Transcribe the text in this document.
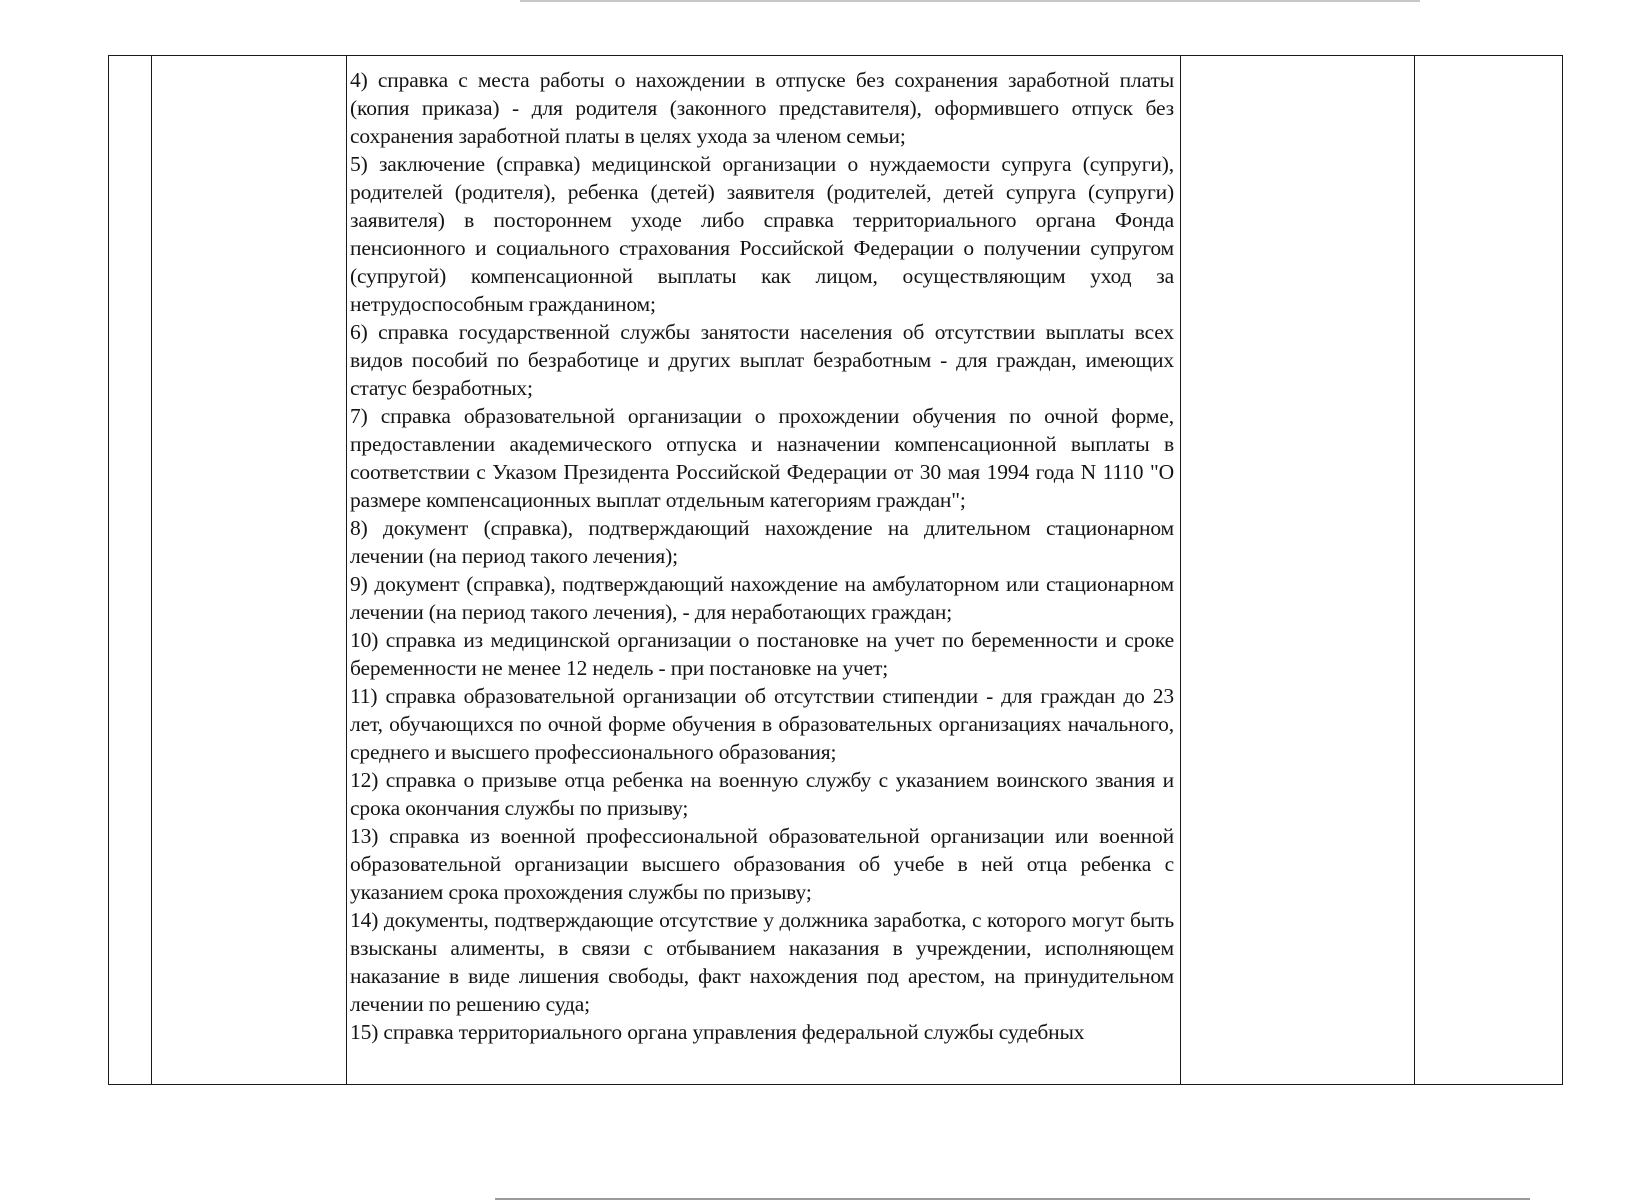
4) справка с места работы о нахождении в отпуске без сохранения заработной платы (копия приказа) - для родителя (законного представителя), оформившего отпуск без сохранения заработной платы в целях ухода за членом семьи;

5) заключение (справка) медицинской организации о нуждаемости супруга (супруги), родителей (родителя), ребенка (детей) заявителя (родителей, детей супруга (супруги) заявителя) в постороннем уходе либо справка территориального органа Фонда пенсионного и социального страхования Российской Федерации о получении супругом (супругой) компенсационной выплаты как лицом, осуществляющим уход за нетрудоспособным гражданином;

6) справка государственной службы занятости населения об отсутствии выплаты всех видов пособий по безработице и других выплат безработным - для граждан, имеющих статус безработных;

7) справка образовательной организации о прохождении обучения по очной форме, предоставлении академического отпуска и назначении компенсационной выплаты в соответствии с Указом Президента Российской Федерации от 30 мая 1994 года N 1110 "О размере компенсационных выплат отдельным категориям граждан";

8) документ (справка), подтверждающий нахождение на длительном стационарном лечении (на период такого лечения);

9) документ (справка), подтверждающий нахождение на амбулаторном или стационарном лечении (на период такого лечения), - для неработающих граждан;

10) справка из медицинской организации о постановке на учет по беременности и сроке беременности не менее 12 недель - при постановке на учет;

11) справка образовательной организации об отсутствии стипендии - для граждан до 23 лет, обучающихся по очной форме обучения в образовательных организациях начального, среднего и высшего профессионального образования;

12) справка о призыве отца ребенка на военную службу с указанием воинского звания и срока окончания службы по призыву;

13) справка из военной профессиональной образовательной организации или военной образовательной организации высшего образования об учебе в ней отца ребенка с указанием срока прохождения службы по призыву;

14) документы, подтверждающие отсутствие у должника заработка, с которого могут быть взысканы алименты, в связи с отбыванием наказания в учреждении, исполняющем наказание в виде лишения свободы, факт нахождения под арестом, на принудительном лечении по решению суда;

15) справка территориального органа управления федеральной службы судебных
